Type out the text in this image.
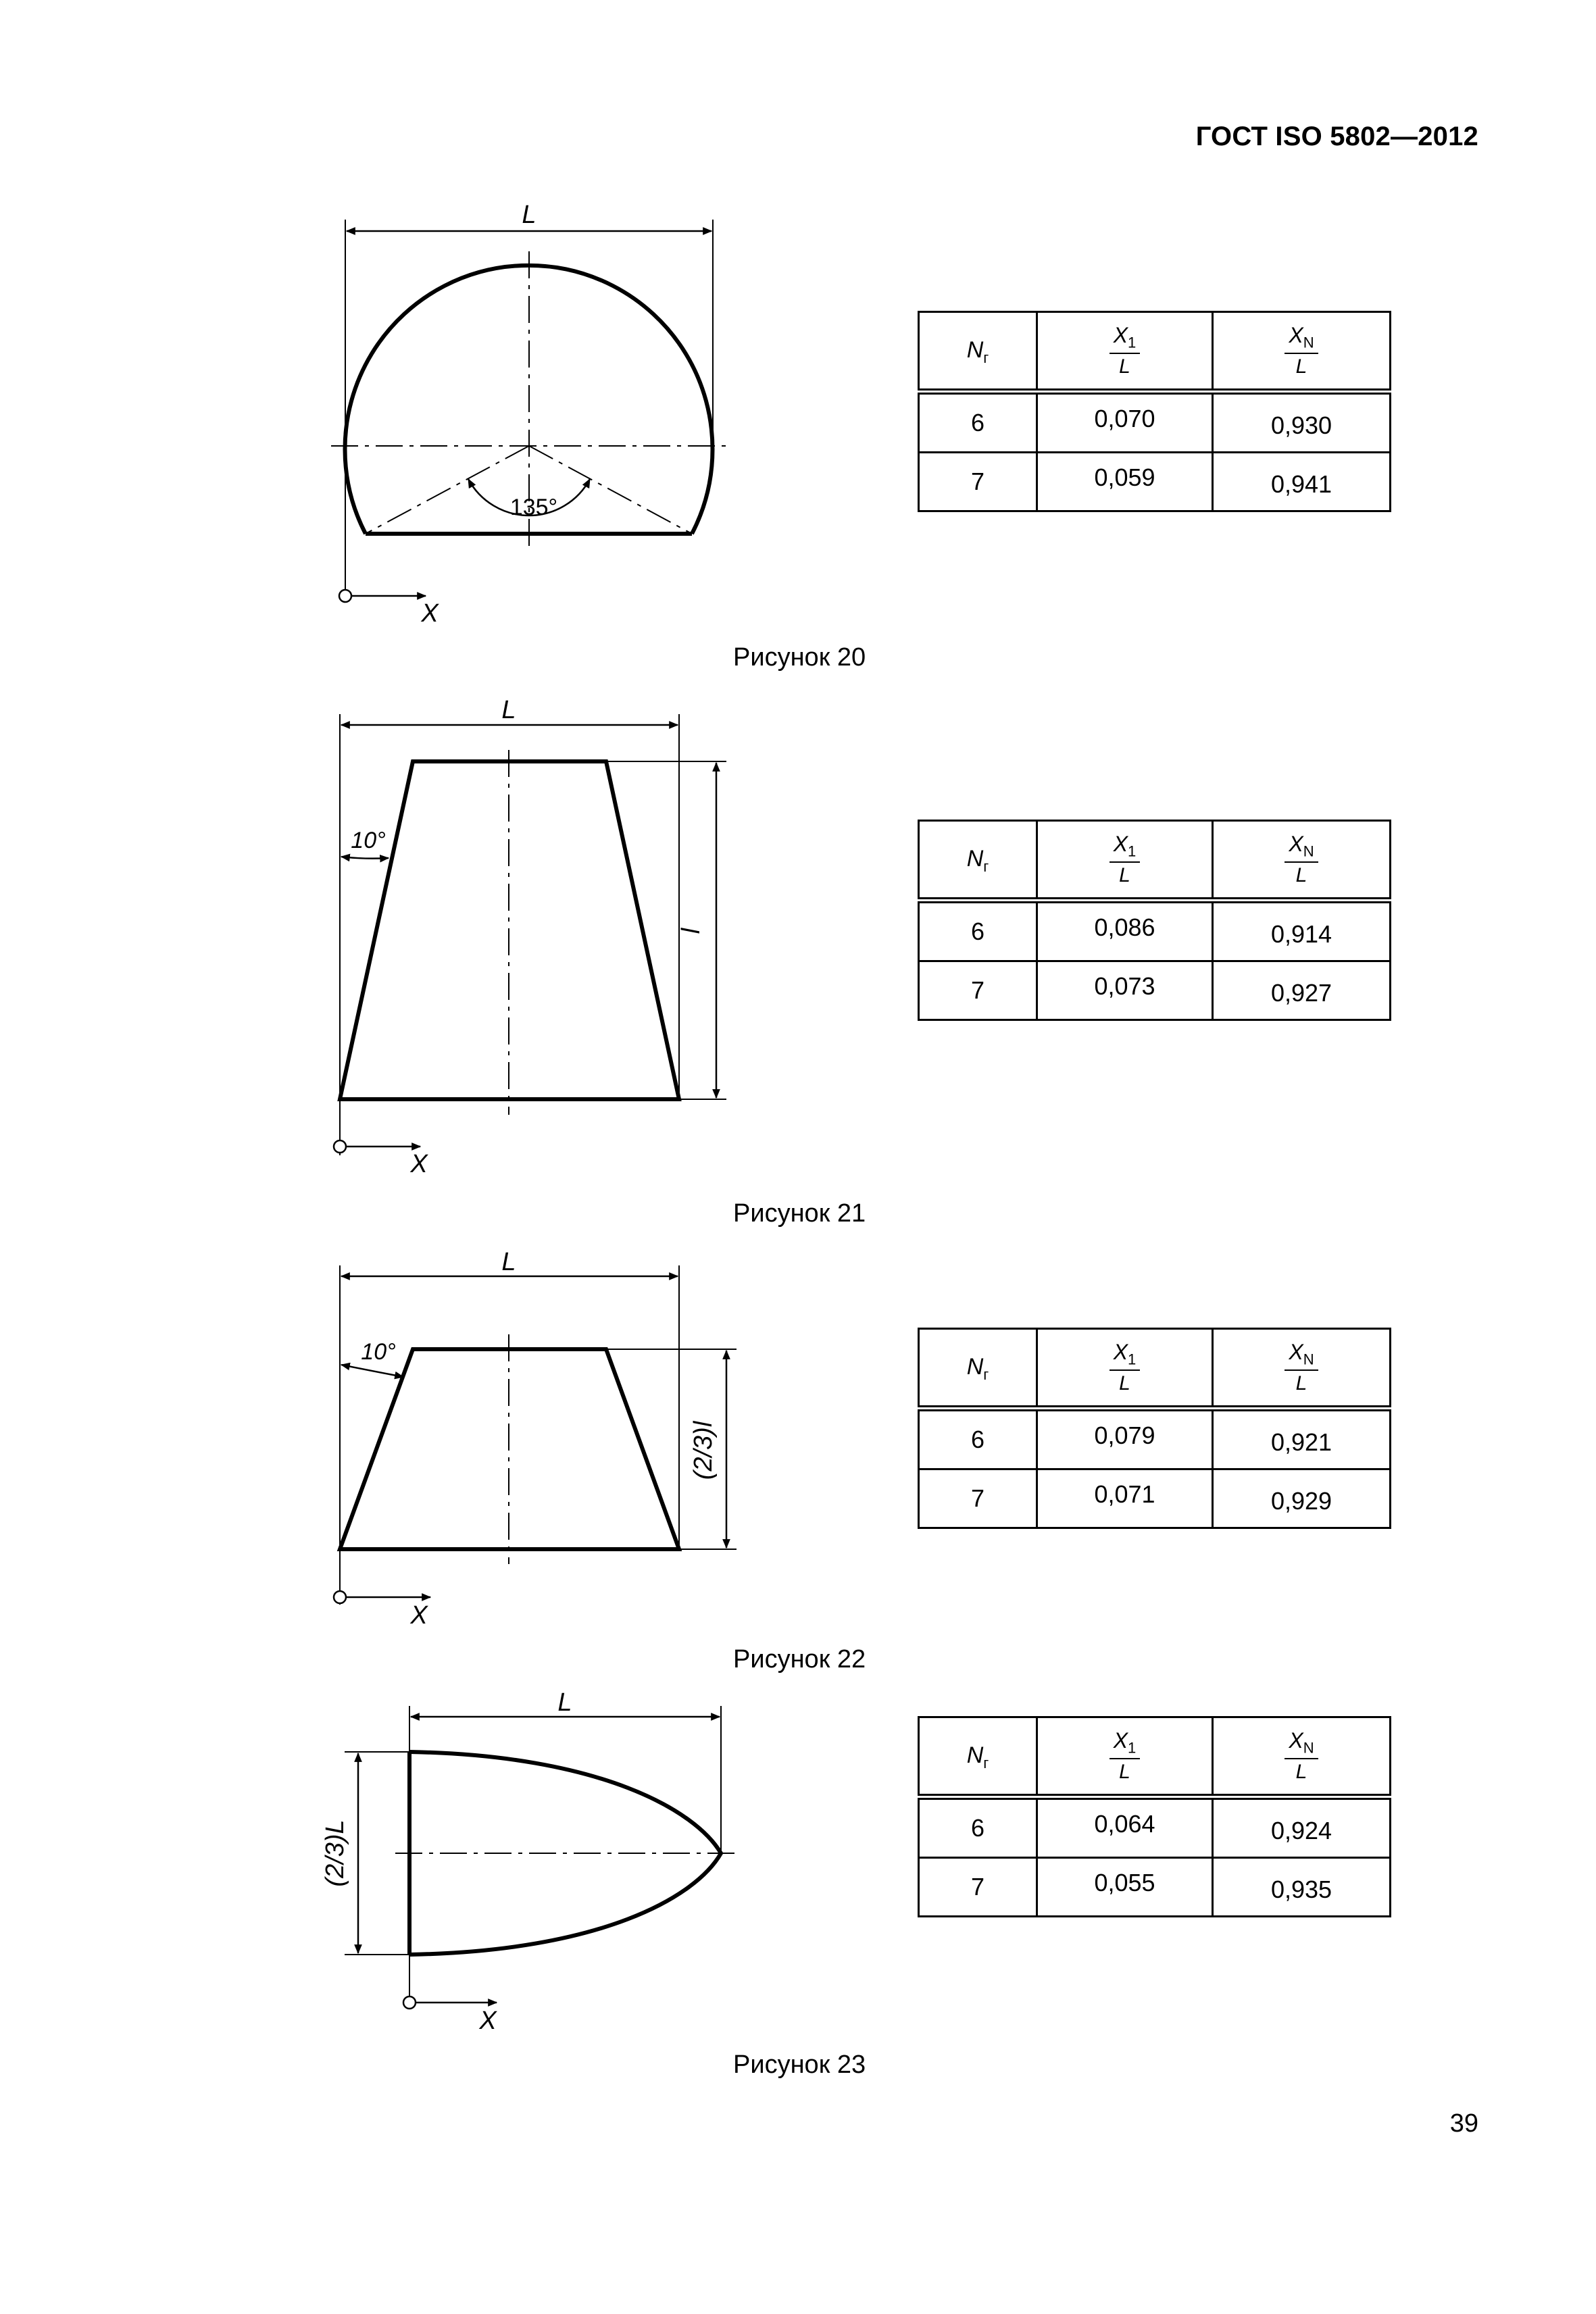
ГОСТ ISO 5802—2012
L
135°
X
Рисунок 20
$N_г$	$\frac{X_1}{L}$	$\frac{X_N}{L}$

6	0,070	0,930
7	0,059	0,941
L
l
10°
X
Рисунок 21
$N_г$	$\frac{X_1}{L}$	$\frac{X_N}{L}$

6	0,086	0,914
7	0,073	0,927
L
(2/3)l
10°
X
Рисунок 22
$N_г$	$\frac{X_1}{L}$	$\frac{X_N}{L}$

6	0,079	0,921
7	0,071	0,929
L
(2/3)L
X
Рисунок 23
$N_г$	$\frac{X_1}{L}$	$\frac{X_N}{L}$

6	0,064	0,924
7	0,055	0,935
39
